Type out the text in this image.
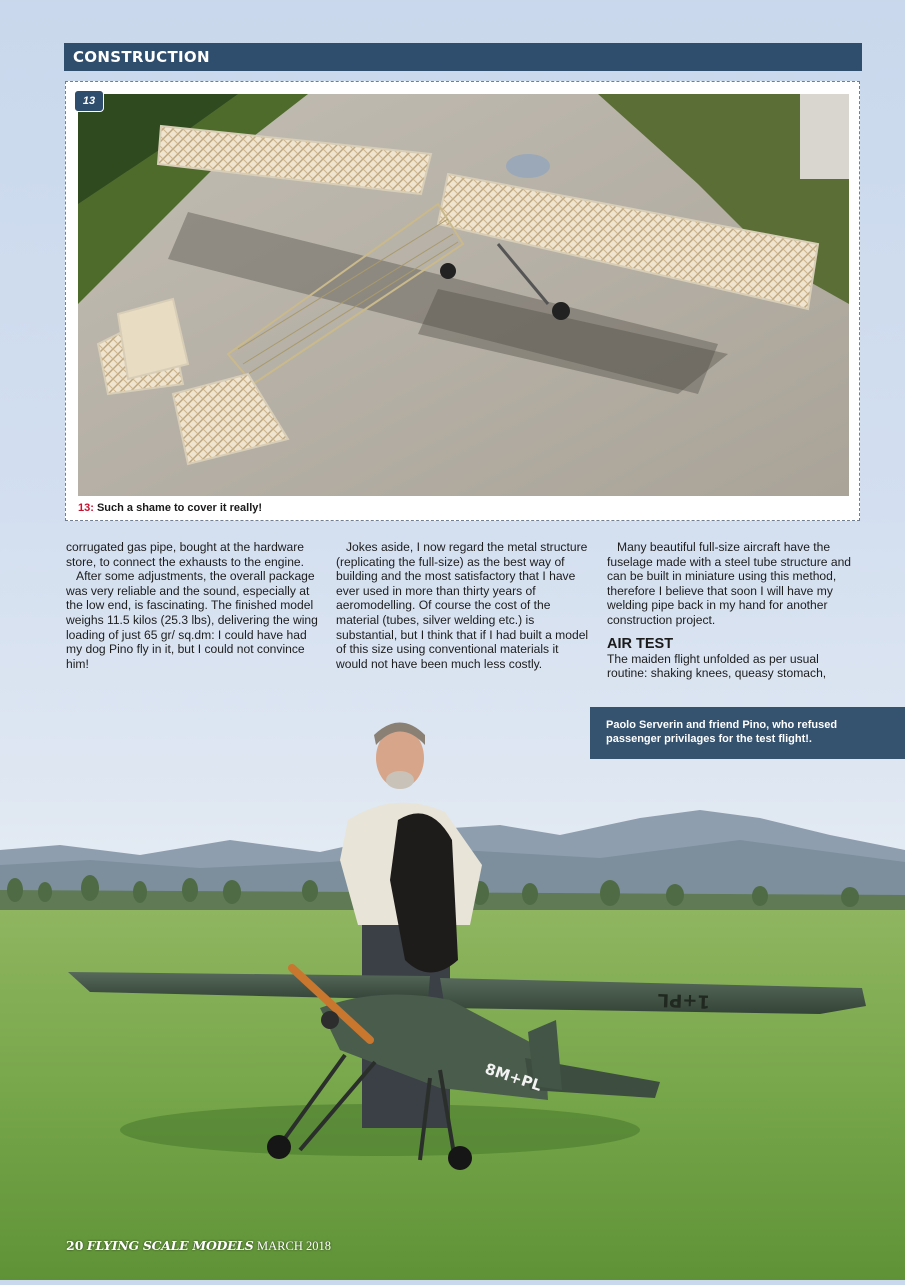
CONSTRUCTION
13
13: Such a shame to cover it really!

corrugated gas pipe, bought at the hardware store, to connect the exhausts to the engine.

After some adjustments, the overall package was very reliable and the sound, especially at the low end, is fascinating. The finished model weighs 11.5 kilos (25.3 lbs), delivering the wing loading of just 65 gr/ sq.dm: I could have had my dog Pino fly in it, but I could not convince him!

Jokes aside, I now regard the metal structure (replicating the full-size) as the best way of building and the most satisfactory that I have ever used in more than thirty years of aeromodelling. Of course the cost of the material (tubes, silver welding etc.) is substantial, but I think that if I had built a model of this size using conventional materials it would not have been much less costly.

Many beautiful full-size aircraft have the fuselage made with a steel tube structure and can be built in miniature using this method, therefore I believe that soon I will have my welding pipe back in my hand for another construction project.

AIR TEST

The maiden flight unfolded as per usual routine: shaking knees, queasy stomach,

8M+PL
1+PL
Paolo Serverin and friend Pino, who refused passenger privilages for the test flight!.
20 FLYING SCALE MODELS MARCH 2018
